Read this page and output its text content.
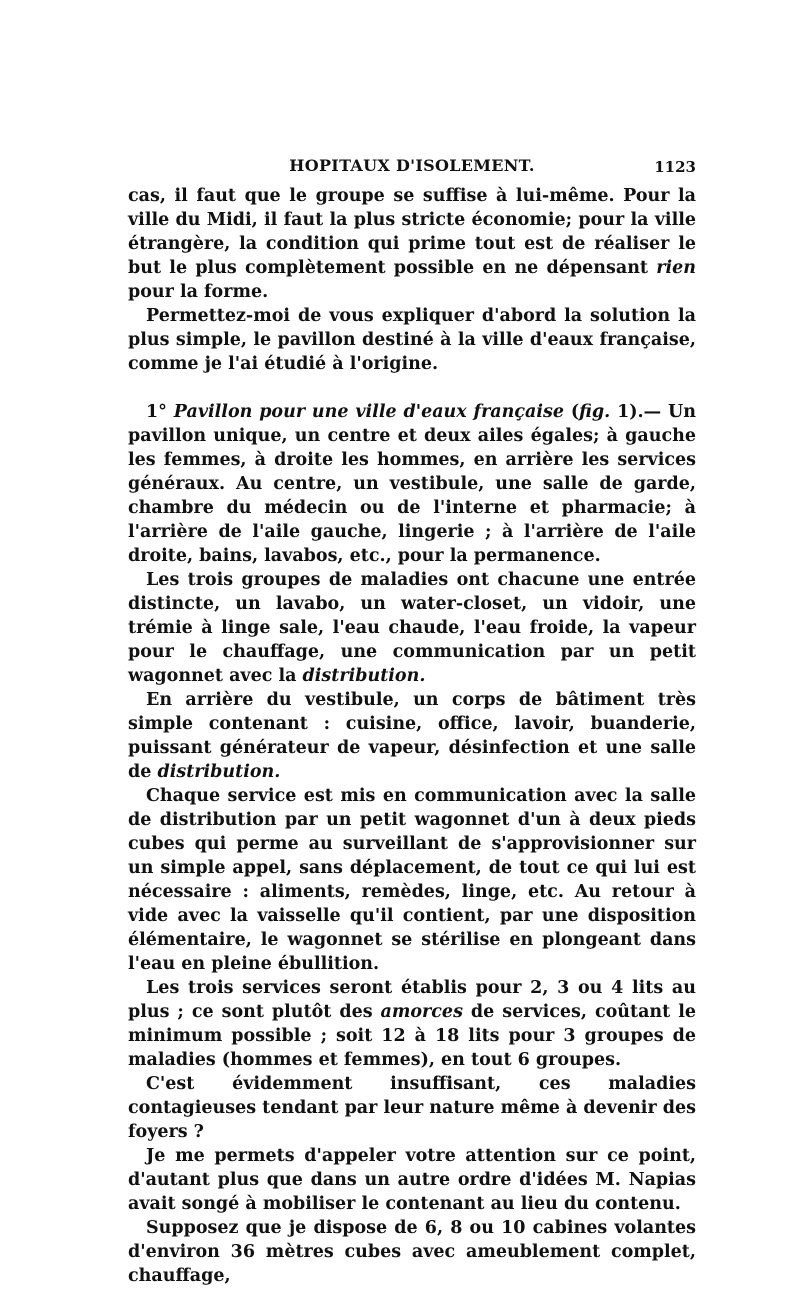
HOPITAUX D'ISOLEMENT.	1123

cas, il faut que le groupe se suffise à lui-même. Pour la ville du Midi, il faut la plus stricte économie; pour la ville étrangère, la condition qui prime tout est de réaliser le but le plus complètement possible en ne dépensant rien pour la forme.

Permettez-moi de vous expliquer d'abord la solution la plus simple, le pavillon destiné à la ville d'eaux française, comme je l'ai étudié à l'origine.

1° Pavillon pour une ville d'eaux française (fig. 1).— Un pavillon unique, un centre et deux ailes égales; à gauche les femmes, à droite les hommes, en arrière les services généraux. Au centre, un vestibule, une salle de garde, chambre du médecin ou de l'interne et pharmacie; à l'arrière de l'aile gauche, lingerie ; à l'arrière de l'aile droite, bains, lavabos, etc., pour la permanence.

Les trois groupes de maladies ont chacune une entrée distincte, un lavabo, un water-closet, un vidoir, une trémie à linge sale, l'eau chaude, l'eau froide, la vapeur pour le chauffage, une communication par un petit wagonnet avec la distribution.

En arrière du vestibule, un corps de bâtiment très simple contenant : cuisine, office, lavoir, buanderie, puissant générateur de vapeur, désinfection et une salle de distribution.

Chaque service est mis en communication avec la salle de distribution par un petit wagonnet d'un à deux pieds cubes qui perme au surveillant de s'approvisionner sur un simple appel, sans déplacement, de tout ce qui lui est nécessaire : aliments, remèdes, linge, etc. Au retour à vide avec la vaisselle qu'il contient, par une disposition élémentaire, le wagonnet se stérilise en plongeant dans l'eau en pleine ébullition.

Les trois services seront établis pour 2, 3 ou 4 lits au plus ; ce sont plutôt des amorces de services, coûtant le minimum possible ; soit 12 à 18 lits pour 3 groupes de maladies (hommes et femmes), en tout 6 groupes.

C'est évidemment insuffisant, ces maladies contagieuses tendant par leur nature même à devenir des foyers ?

Je me permets d'appeler votre attention sur ce point, d'autant plus que dans un autre ordre d'idées M. Napias avait songé à mobiliser le contenant au lieu du contenu.

Supposez que je dispose de 6, 8 ou 10 cabines volantes d'environ 36 mètres cubes avec ameublement complet, chauffage,
